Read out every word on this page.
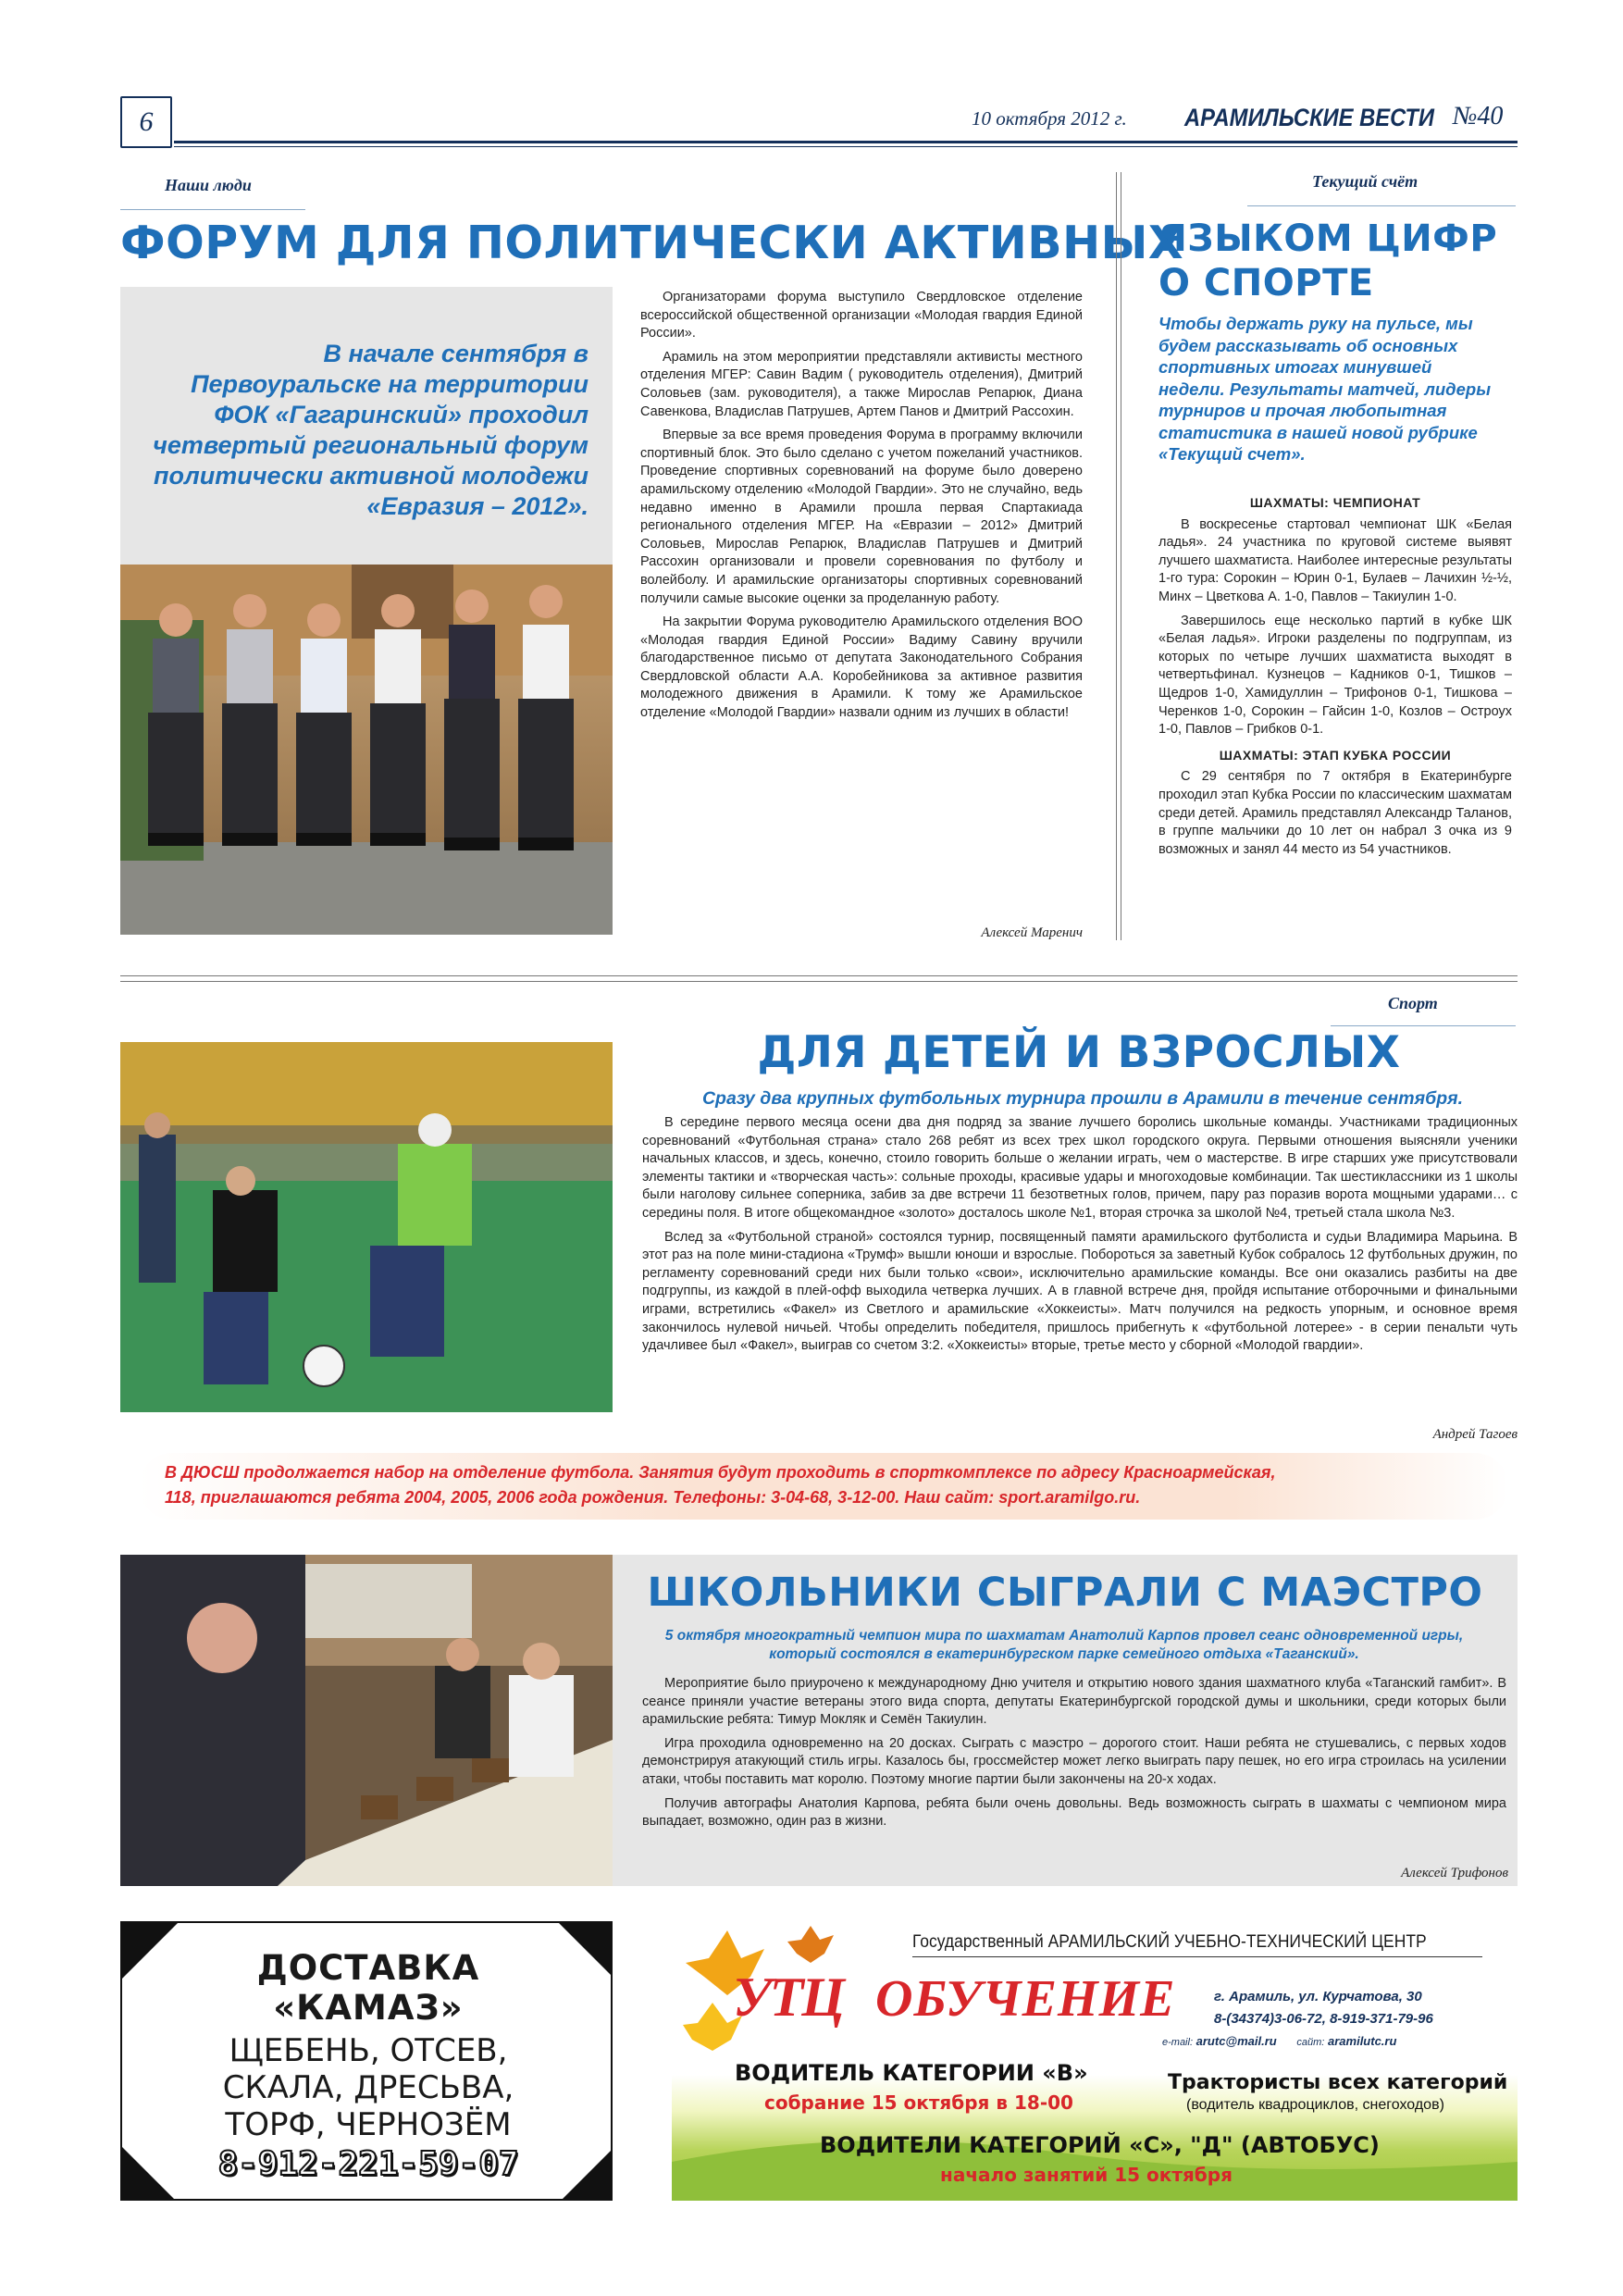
6	10 октября 2012 г. АРАМИЛЬСКИЕ ВЕСТИ №40
Наши люди
ФОРУМ ДЛЯ ПОЛИТИЧЕСКИ АКТИВНЫХ
В начале сентября в Первоуральске на территории ФОК «Гагаринский» проходил четвертый региональный форум политически активной молодежи «Евразия – 2012».

Организаторами форума выступило Свердловское отделение всероссийской общественной организации «Молодая гвардия Единой России».

Арамиль на этом мероприятии представляли активисты местного отделения МГЕР: Савин Вадим ( руководитель отделения), Дмитрий Соловьев (зам. руководителя), а также Мирослав Репарюк, Диана Савенкова, Владислав Патрушев, Артем Панов и Дмитрий Рассохин.

Впервые за все время проведения Форума в программу включили спортивный блок. Это было сделано с учетом пожеланий участников. Проведение спортивных соревнований на форуме было доверено арамильскому отделению «Молодой Гвардии». Это не случайно, ведь недавно именно в Арамили прошла первая Спартакиада регионального отделения МГЕР. На «Евразии – 2012» Дмитрий Соловьев, Мирослав Репарюк, Владислав Патрушев и Дмитрий Рассохин организовали и провели соревнования по футболу и волейболу. И арамильские организаторы спортивных соревнований получили самые высокие оценки за проделанную работу.

На закрытии Форума руководителю Арамильского отделения ВОО «Молодая гвардия Единой России» Вадиму Савину вручили благодарственное письмо от депутата Законодательного Собрания Свердловской области А.А. Коробейникова за активное развития молодежного движения в Арамили. К тому же Арамильское отделение «Молодой Гвардии» назвали одним из лучших в области!

Алексей Маренич
Текущий счёт
ЯЗЫКОМ ЦИФР
О СПОРТЕ
Чтобы держать руку на пульсе, мы будем рассказывать об основных спортивных итогах минувшей недели. Результаты матчей, лидеры турниров и прочая любопытная статистика в нашей новой рубрике «Текущий счет».
ШАХМАТЫ: ЧЕМПИОНАТ

В воскресенье стартовал чемпионат ШК «Белая ладья». 24 участника по круговой системе выявят лучшего шахматиста. Наиболее интересные результаты 1-го тура: Сорокин – Юрин 0-1, Булаев – Лачихин ½-½, Минх – Цветкова А. 1-0, Павлов – Такиулин 1-0.

Завершилось еще несколько партий в кубке ШК «Белая ладья». Игроки разделены по подгруппам, из которых по четыре лучших шахматиста выходят в четвертьфинал. Кузнецов – Кадников 0-1, Тишков – Щедров 1-0, Хамидуллин – Трифонов 0-1, Тишкова – Черенков 1-0, Сорокин – Гайсин 1-0, Козлов – Остроух 1-0, Павлов – Грибков 0-1.

ШАХМАТЫ: ЭТАП КУБКА РОССИИ

С 29 сентября по 7 октября в Екатеринбурге проходил этап Кубка России по классическим шахматам среди детей. Арамиль представлял Александр Таланов, в группе мальчики до 10 лет он набрал 3 очка из 9 возможных и занял 44 место из 54 участников.

Спорт
ДЛЯ ДЕТЕЙ И ВЗРОСЛЫХ
Сразу два крупных футбольных турнира прошли в Арамили в течение сентября.

В середине первого месяца осени два дня подряд за звание лучшего боролись школьные команды. Участниками традиционных соревнований «Футбольная страна» стало 268 ребят из всех трех школ городского округа. Первыми отношения выясняли ученики начальных классов, и здесь, конечно, стоило говорить больше о желании играть, чем о мастерстве. В игре старших уже присутствовали элементы тактики и «творческая часть»: сольные проходы, красивые удары и многоходовые комбинации. Так шестиклассники из 1 школы были наголову сильнее соперника, забив за две встречи 11 безответных голов, причем, пару раз поразив ворота мощными ударами… с середины поля. В итоге общекомандное «золото» досталось школе №1, вторая строчка за школой №4, третьей стала школа №3.

Вслед за «Футбольной страной» состоялся турнир, посвященный памяти арамильского футболиста и судьи Владимира Марьина. В этот раз на поле мини-стадиона «Трумф» вышли юноши и взрослые. Побороться за заветный Кубок собралось 12 футбольных дружин, по регламенту соревнований среди них были только «свои», исключительно арамильские команды. Все они оказались разбиты на две подгруппы, из каждой в плей-офф выходила четверка лучших. А в главной встрече дня, пройдя испытание отборочными и финальными играми, встретились «Факел» из Светлого и арамильские «Хоккеисты». Матч получился на редкость упорным, и основное время закончилось нулевой ничьей. Чтобы определить победителя, пришлось прибегнуть к «футбольной лотерее» - в серии пенальти чуть удачливее был «Факел», выиграв со счетом 3:2. «Хоккеисты» вторые, третье место у сборной «Молодой гвардии».

Андрей Тагоев
В ДЮСШ продолжается набор на отделение футбола. Занятия будут проходить в спорткомплексе по адресу Красноармейская,
118, приглашаются ребята 2004, 2005, 2006 года рождения. Телефоны: 3-04-68, 3-12-00. Наш сайт: sport.aramilgo.ru.
ШКОЛЬНИКИ СЫГРАЛИ С МАЭСТРО
5 октября многократный чемпион мира по шахматам Анатолий Карпов провел сеанс одновременной игры, который состоялся в екатеринбургском парке семейного отдыха «Таганский».

Мероприятие было приурочено к международному Дню учителя и открытию нового здания шахматного клуба «Таганский гамбит». В сеансе приняли участие ветераны этого вида спорта, депутаты Екатеринбургской городской думы и школьники, среди которых были арамильские ребята: Тимур Мокляк и Семён Такиулин.

Игра проходила одновременно на 20 досках. Сыграть с маэстро – дорогого стоит. Наши ребята не стушевались, с первых ходов демонстрируя атакующий стиль игры. Казалось бы, гроссмейстер может легко выиграть пару пешек, но его игра строилась на усилении атаки, чтобы поставить мат королю. Поэтому многие партии были закончены на 20-х ходах.

Получив автографы Анатолия Карпова, ребята были очень довольны. Ведь возможность сыграть в шахматы с чемпионом мира выпадает, возможно, один раз в жизни.

Алексей Трифонов
ДОСТАВКА
«КАМАЗ»
ЩЕБЕНЬ, ОТСЕВ,
СКАЛА, ДРЕСЬВА,
ТОРФ, ЧЕРНОЗЁМ
8-912-221-59-07
Государственный АРАМИЛЬСКИЙ УЧЕБНО-ТЕХНИЧЕСКИЙ ЦЕНТР
УТЦ ОБУЧЕНИЕ	г. Арамиль, ул. Курчатова, 30
8-(34374)3-06-72, 8-919-371-79-96
e-mail: arutc@mail.ru сайт: aramilutc.ru
ВОДИТЕЛЬ КАТЕГОРИИ «В»
собрание 15 октября в 18-00
Трактористы всех категорий
(водитель квадроциклов, снегоходов)
ВОДИТЕЛИ КАТЕГОРИЙ «С», "Д" (АВТОБУС)
начало занятий 15 октября
